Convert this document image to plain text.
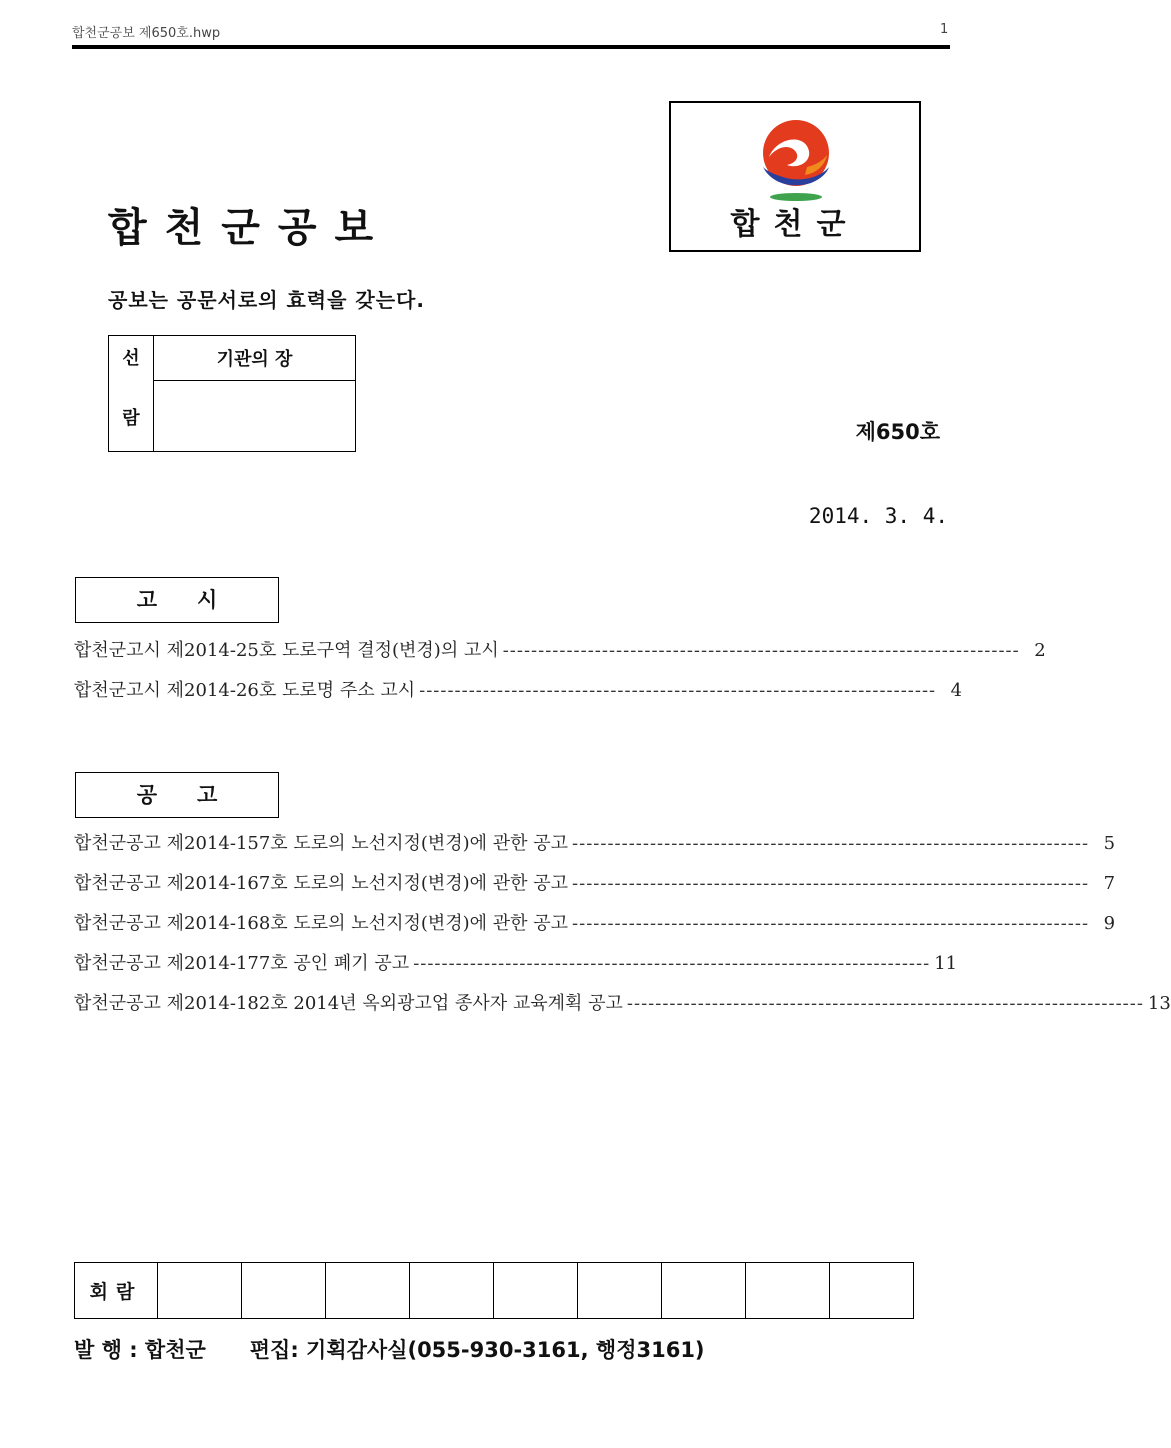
합천군공보 제650호.hwp	1
합천군공보
공보는 공문서로의 효력을 갖는다.
합천군
선
람
	기관의 장

제650호
2014. 3. 4.
고시
합천군고시 제2014-25호 도로구역 결정(변경)의 고시 ------------------------------------------------------------------------- 2
합천군고시 제2014-26호 도로명 주소 고시 ------------------------------------------------------------------------- 4
공고
합천군공고 제2014-157호 도로의 노선지정(변경)에 관한 공고 ------------------------------------------------------------------------- 5
합천군공고 제2014-167호 도로의 노선지정(변경)에 관한 공고 ------------------------------------------------------------------------- 7
합천군공고 제2014-168호 도로의 노선지정(변경)에 관한 공고 ------------------------------------------------------------------------- 9
합천군공고 제2014-177호 공인 폐기 공고 ------------------------------------------------------------------------- 11
합천군공고 제2014-182호 2014년 옥외광고업 종사자 교육계획 공고 ------------------------------------------------------------------------- 13
회람									
발 행 : 합천군 편집: 기획감사실(055-930-3161, 행정3161)
